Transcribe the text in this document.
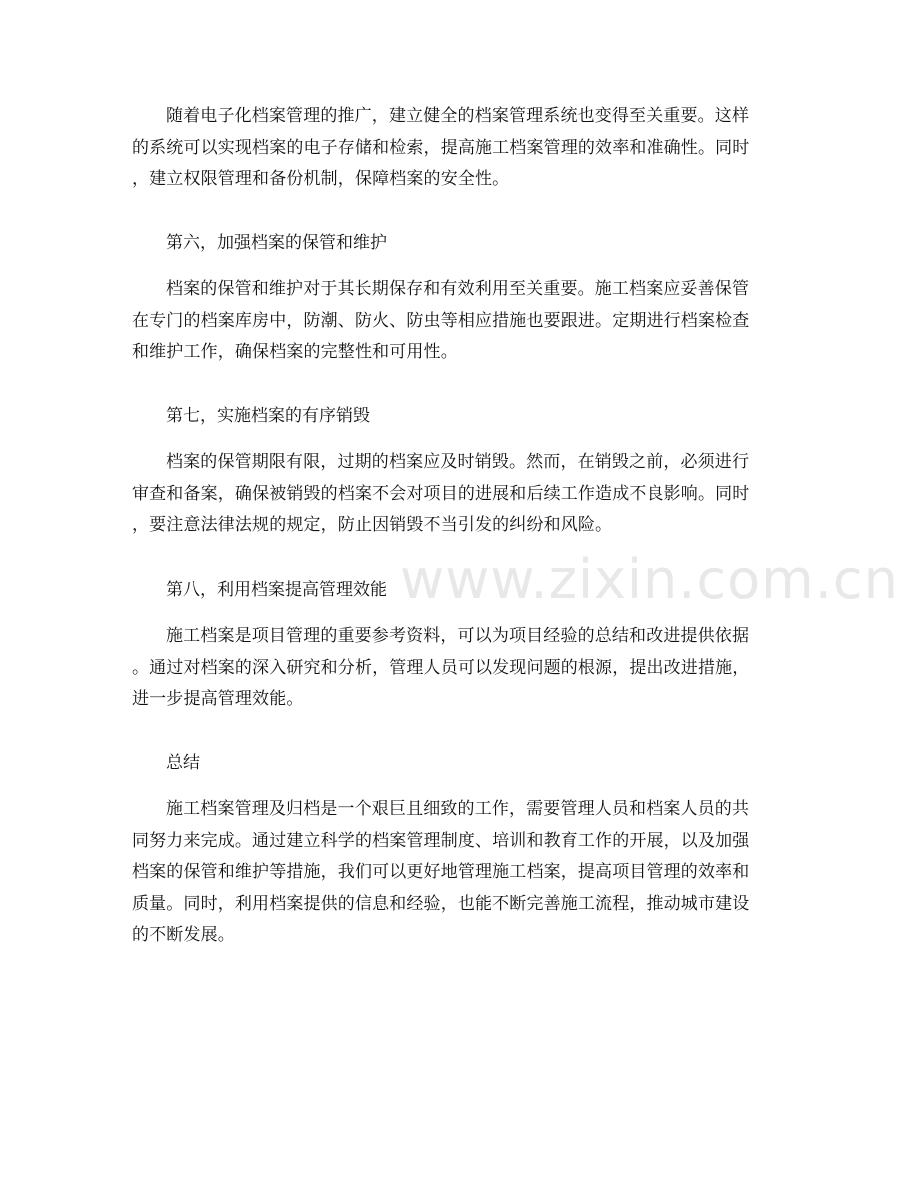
www.zixin.com.cn

随着电子化档案管理的推广，建立健全的档案管理系统也变得至关重要。这样
的系统可以实现档案的电子存储和检索，提高施工档案管理的效率和准确性。同时
，建立权限管理和备份机制，保障档案的安全性。

第六，加强档案的保管和维护

档案的保管和维护对于其长期保存和有效利用至关重要。施工档案应妥善保管
在专门的档案库房中，防潮、防火、防虫等相应措施也要跟进。定期进行档案检查
和维护工作，确保档案的完整性和可用性。

第七，实施档案的有序销毁

档案的保管期限有限，过期的档案应及时销毁。然而，在销毁之前，必须进行
审查和备案，确保被销毁的档案不会对项目的进展和后续工作造成不良影响。同时
，要注意法律法规的规定，防止因销毁不当引发的纠纷和风险。

第八，利用档案提高管理效能

施工档案是项目管理的重要参考资料，可以为项目经验的总结和改进提供依据
。通过对档案的深入研究和分析，管理人员可以发现问题的根源，提出改进措施，
进一步提高管理效能。

总结

施工档案管理及归档是一个艰巨且细致的工作，需要管理人员和档案人员的共
同努力来完成。通过建立科学的档案管理制度、培训和教育工作的开展，以及加强
档案的保管和维护等措施，我们可以更好地管理施工档案，提高项目管理的效率和
质量。同时，利用档案提供的信息和经验，也能不断完善施工流程，推动城市建设
的不断发展。
